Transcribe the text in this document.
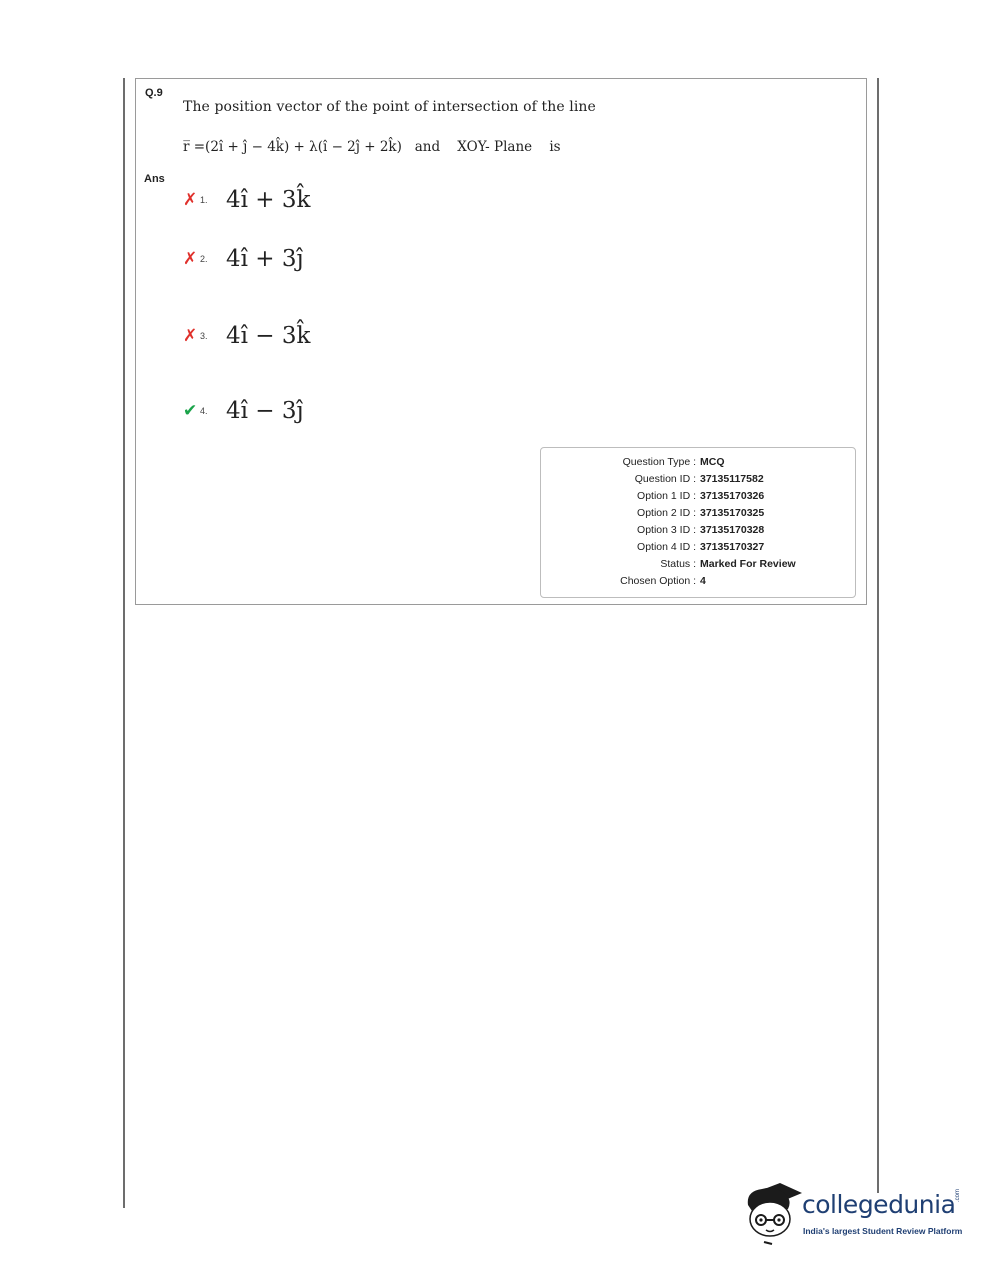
Q.9
The position vector of the point of intersection of the line
r̅ =(2î + ĵ − 4k̂) + λ(î − 2ĵ + 2k̂)   and    XOY- Plane    is
Ans
✗ 1. 4î + 3k̂
✗ 2. 4î + 3ĵ
✗ 3. 4î − 3k̂
✔ 4. 4î − 3ĵ
Question Type : MCQ
Question ID : 37135117582
Option 1 ID : 37135170326
Option 2 ID : 37135170325
Option 3 ID : 37135170328
Option 4 ID : 37135170327
Status : Marked For Review
Chosen Option : 4
collegedunia
India's largest Student Review Platform
.com
